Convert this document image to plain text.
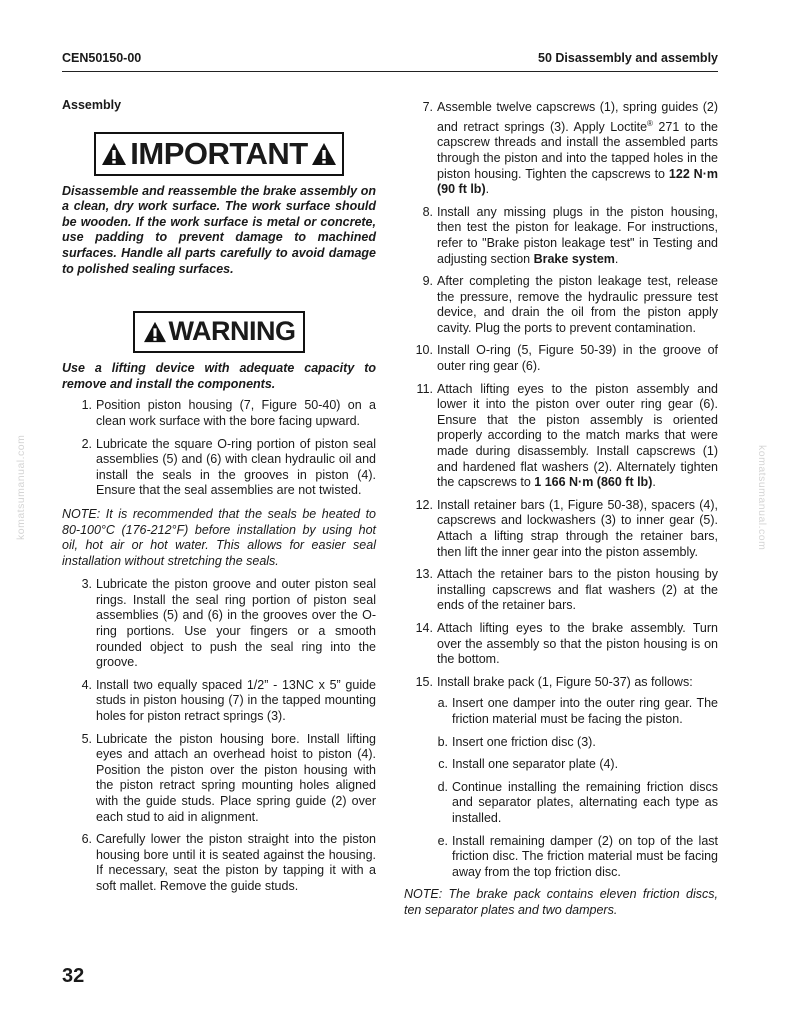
CEN50150-00	50 Disassembly and assembly
komatsumanual.com	komatsumanual.com
Assembly
IMPORTANT

Disassemble and reassemble the brake assembly on a clean, dry work surface. The work surface should be wooden. If the work surface is metal or concrete, use padding to prevent damage to machined surfaces. Handle all parts carefully to avoid damage to polished sealing surfaces.

WARNING

Use a lifting device with adequate capacity to remove and install the components.

1. Position piston housing (7, Figure 50-40) on a clean work surface with the bore facing upward.
2. Lubricate the square O-ring portion of piston seal assemblies (5) and (6) with clean hydraulic oil and install the seals in the grooves in piston (4). Ensure that the seal assemblies are not twisted.

NOTE: It is recommended that the seals be heated to 80-100°C (176-212°F) before installation by using hot oil, hot air or hot water. This allows for easier seal installation without stretching the seals.

3. Lubricate the piston groove and outer piston seal rings. Install the seal ring portion of piston seal assemblies (5) and (6) in the grooves over the O-ring portions. Use your fingers or a smooth rounded object to push the seal ring into the groove.
4. Install two equally spaced 1/2” - 13NC x 5” guide studs in piston housing (7) in the tapped mounting holes for piston retract springs (3).
5. Lubricate the piston housing bore. Install lifting eyes and attach an overhead hoist to piston (4). Position the piston over the piston housing with the piston retract spring mounting holes aligned with the guide studs. Place spring guide (2) over each stud to aid in alignment.
6. Carefully lower the piston straight into the piston housing bore until it is seated against the housing. If necessary, seat the piston by tapping it with a soft mallet. Remove the guide studs.
7. Assemble twelve capscrews (1), spring guides (2) and retract springs (3). Apply Loctite® 271 to the capscrew threads and install the assembled parts through the piston and into the tapped holes in the piston housing. Tighten the capscrews to 122 N·m (90 ft lb).
8. Install any missing plugs in the piston housing, then test the piston for leakage. For instructions, refer to "Brake piston leakage test" in Testing and adjusting section Brake system.
9. After completing the piston leakage test, release the pressure, remove the hydraulic pressure test device, and drain the oil from the piston apply cavity. Plug the ports to prevent contamination.
10. Install O-ring (5, Figure 50-39) in the groove of outer ring gear (6).
11. Attach lifting eyes to the piston assembly and lower it into the piston over outer ring gear (6). Ensure that the piston assembly is oriented properly according to the match marks that were made during disassembly. Install capscrews (1) and hardened flat washers (2). Alternately tighten the capscrews to 1 166 N·m (860 ft lb).
12. Install retainer bars (1, Figure 50-38), spacers (4), capscrews and lockwashers (3) to inner gear (5). Attach a lifting strap through the retainer bars, then lift the inner gear into the piston assembly.
13. Attach the retainer bars to the piston housing by installing capscrews and flat washers (2) at the ends of the retainer bars.
14. Attach lifting eyes to the brake assembly. Turn over the assembly so that the piston housing is on the bottom.
15. Install brake pack (1, Figure 50-37) as follows:
a. Insert one damper into the outer ring gear. The friction material must be facing the piston.
b. Insert one friction disc (3).
c. Install one separator plate (4).
d. Continue installing the remaining friction discs and separator plates, alternating each type as installed.
e. Install remaining damper (2) on top of the last friction disc. The friction material must be facing away from the top friction disc.

NOTE: The brake pack contains eleven friction discs, ten separator plates and two dampers.

32
